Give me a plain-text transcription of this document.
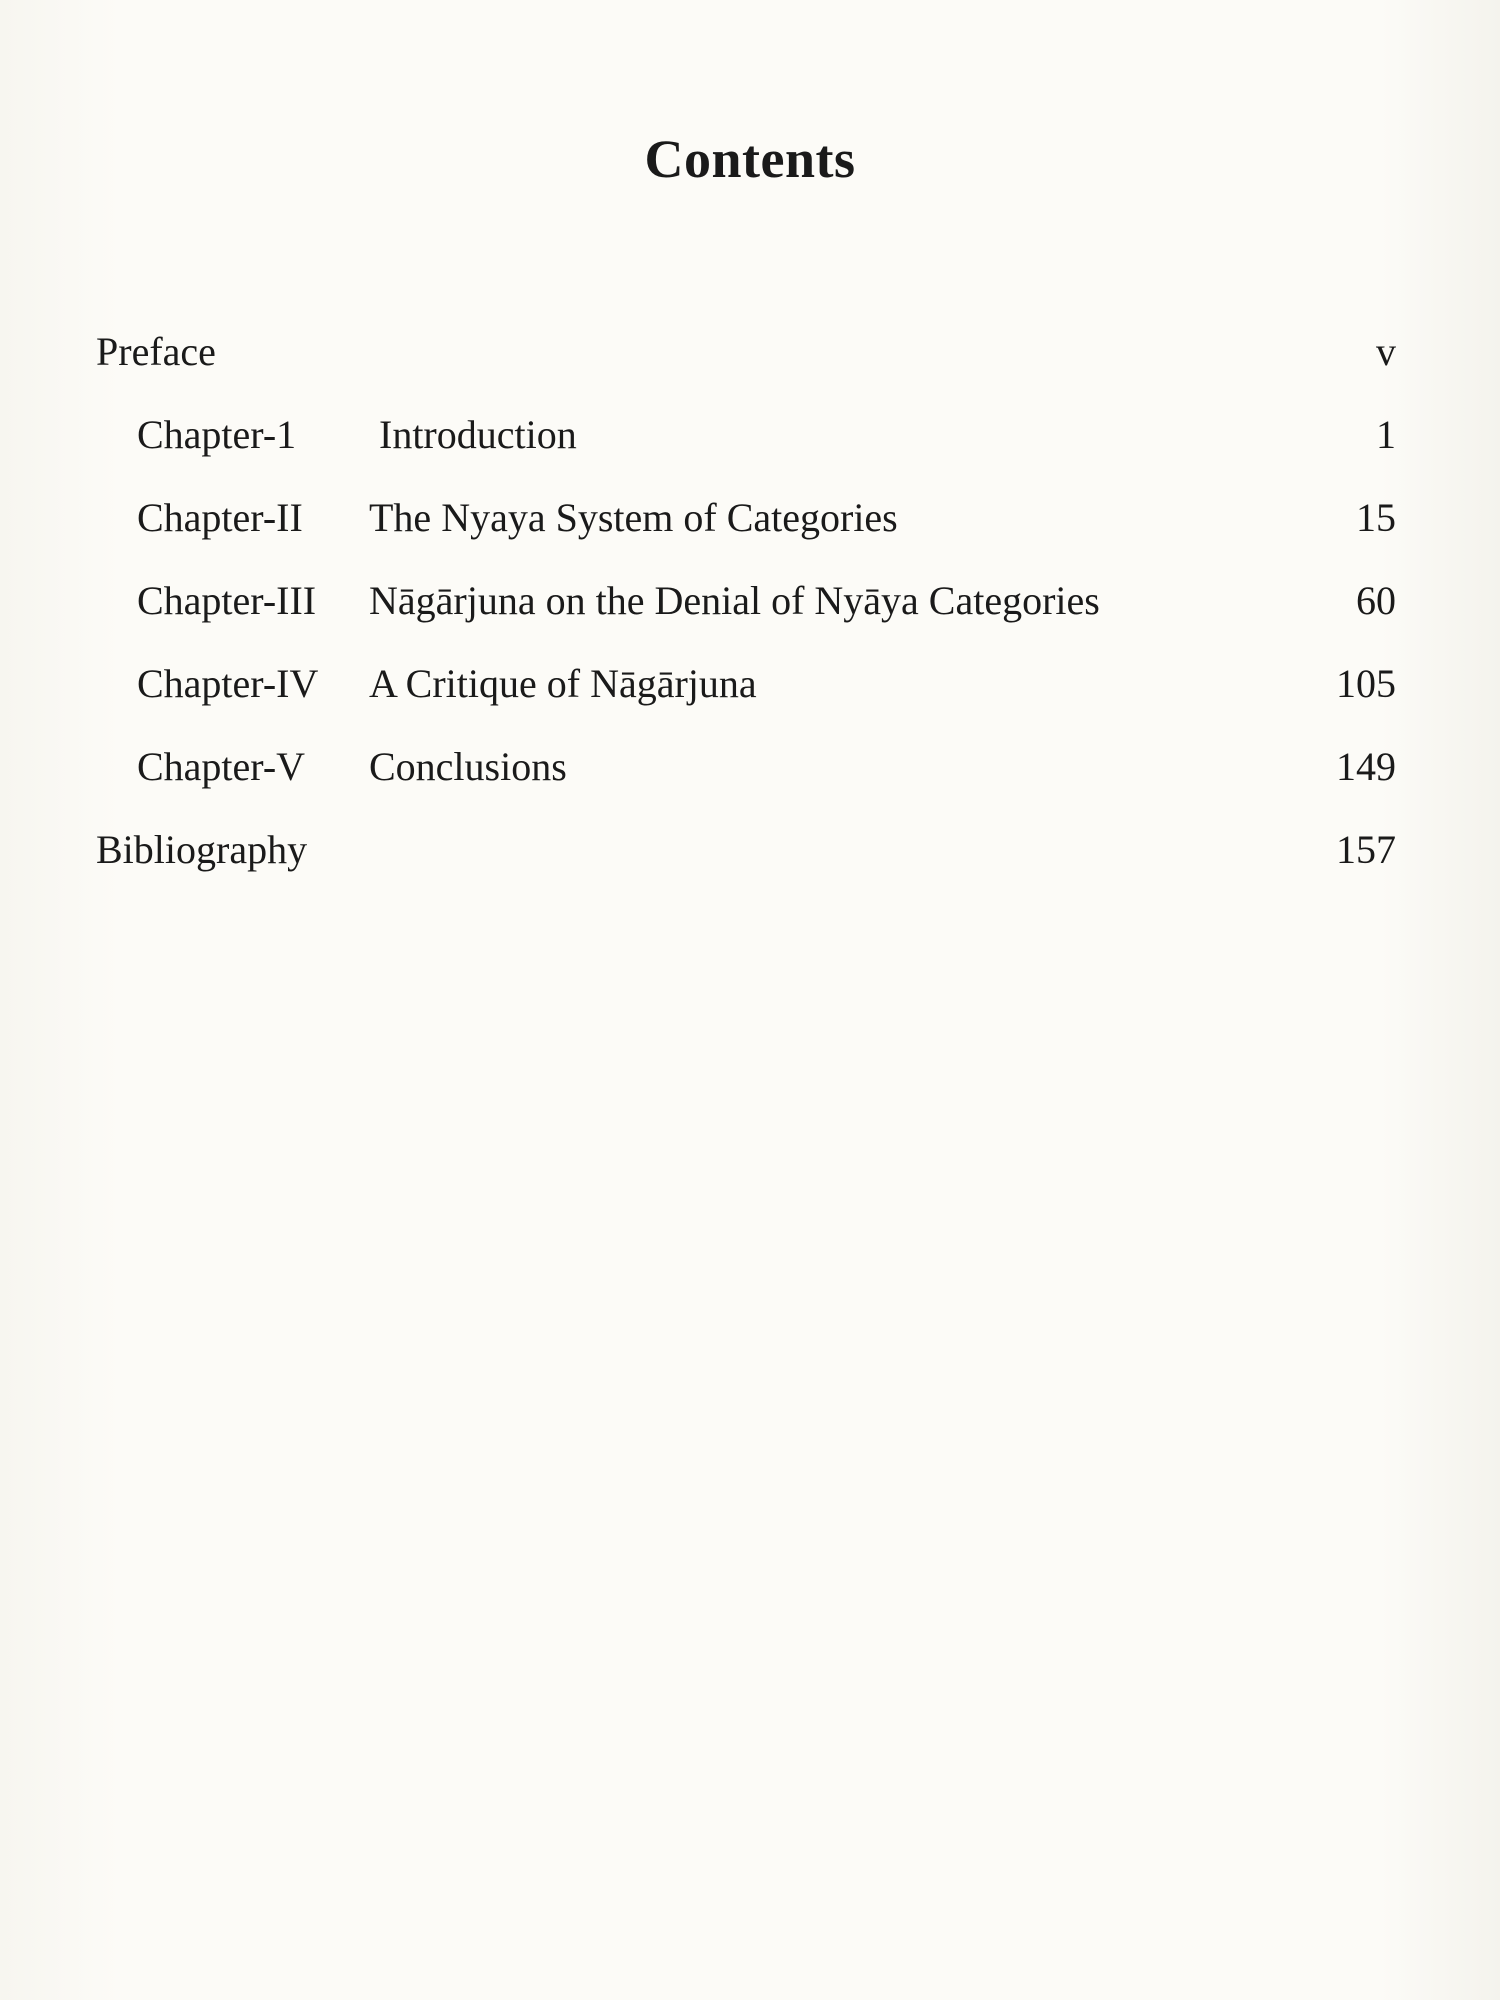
Contents
Preface	v
Chapter-1 Introduction	1
Chapter-II The Nyaya System of Categories	15
Chapter-III Nāgārjuna on the Denial of Nyāya Categories	60
Chapter-IV A Critique of Nāgārjuna	105
Chapter-V Conclusions	149
Bibliography	157
